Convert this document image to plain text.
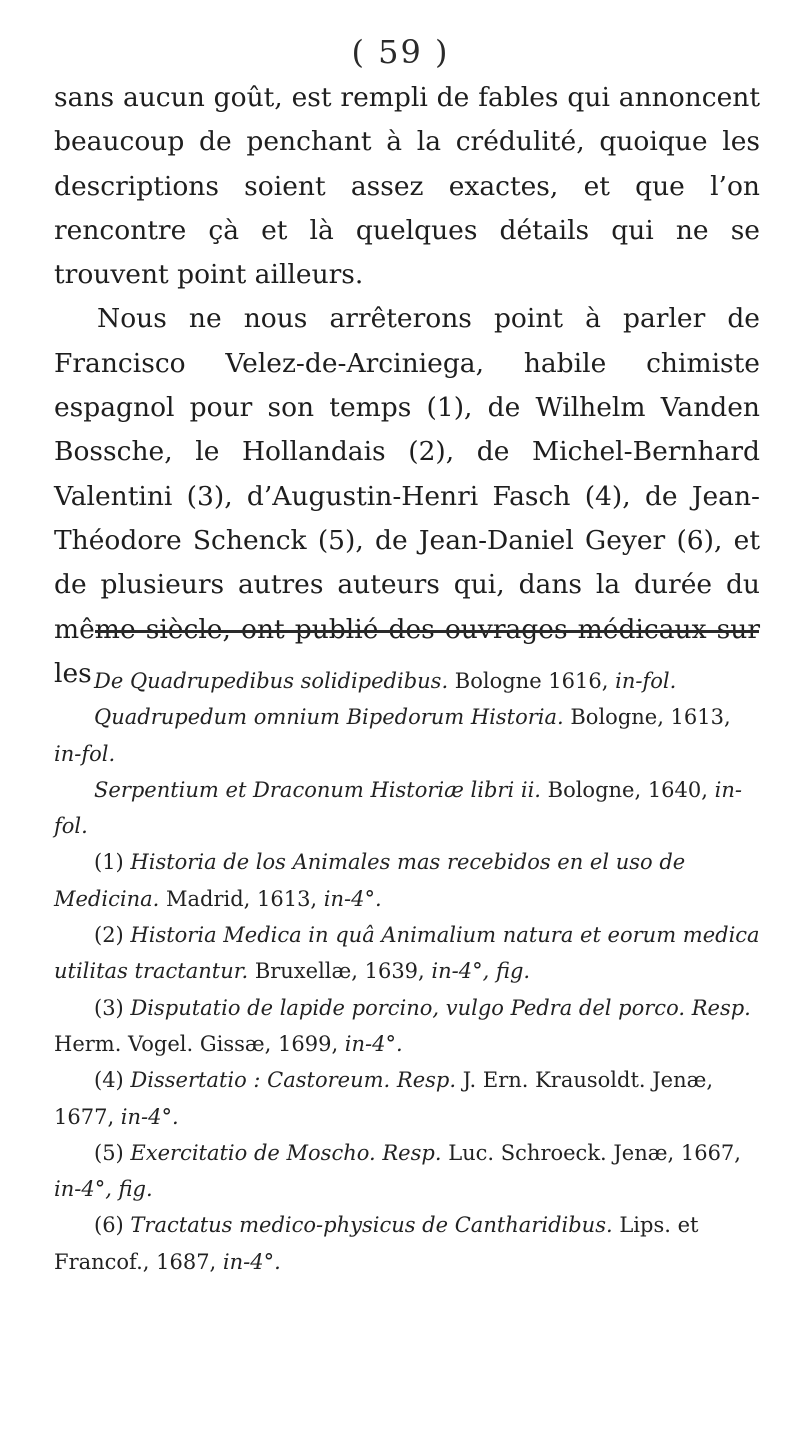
( 59 )

sans aucun goût, est rempli de fables qui annoncent beaucoup de penchant à la crédulité, quoique les descriptions soient assez exactes, et que l’on rencontre çà et là quelques détails qui ne se trouvent point ailleurs.

Nous ne nous arrêterons point à parler de Francisco Velez-de-Arciniega, habile chimiste espagnol pour son temps (1), de Wilhelm Vanden Bossche, le Hollandais (2), de Michel-Bernhard Valentini (3), d’Augustin-Henri Fasch (4), de Jean-Théodore Schenck (5), de Jean-Daniel Geyer (6), et de plusieurs autres auteurs qui, dans la durée du même siècle, ont publié des ouvrages médicaux sur les De Quadrupedibus solidipedibus. Bologne 1616, in-fol.

Quadrupedum omnium Bipedorum Historia. Bologne, 1613, in-fol.

Serpentium et Draconum Historiæ libri ii. Bologne, 1640, in-fol.

(1) Historia de los Animales mas recebidos en el uso de Medicina. Madrid, 1613, in-4°.

(2) Historia Medica in quâ Animalium natura et eorum medica utilitas tractantur. Bruxellæ, 1639, in-4°, fig.

(3) Disputatio de lapide porcino, vulgo Pedra del porco. Resp. Herm. Vogel. Gissæ, 1699, in-4°.

(4) Dissertatio : Castoreum. Resp. J. Ern. Krausoldt. Jenæ, 1677, in-4°.

(5) Exercitatio de Moscho. Resp. Luc. Schroeck. Jenæ, 1667, in-4°, fig.

(6) Tractatus medico-physicus de Cantharidibus. Lips. et Francof., 1687, in-4°.
